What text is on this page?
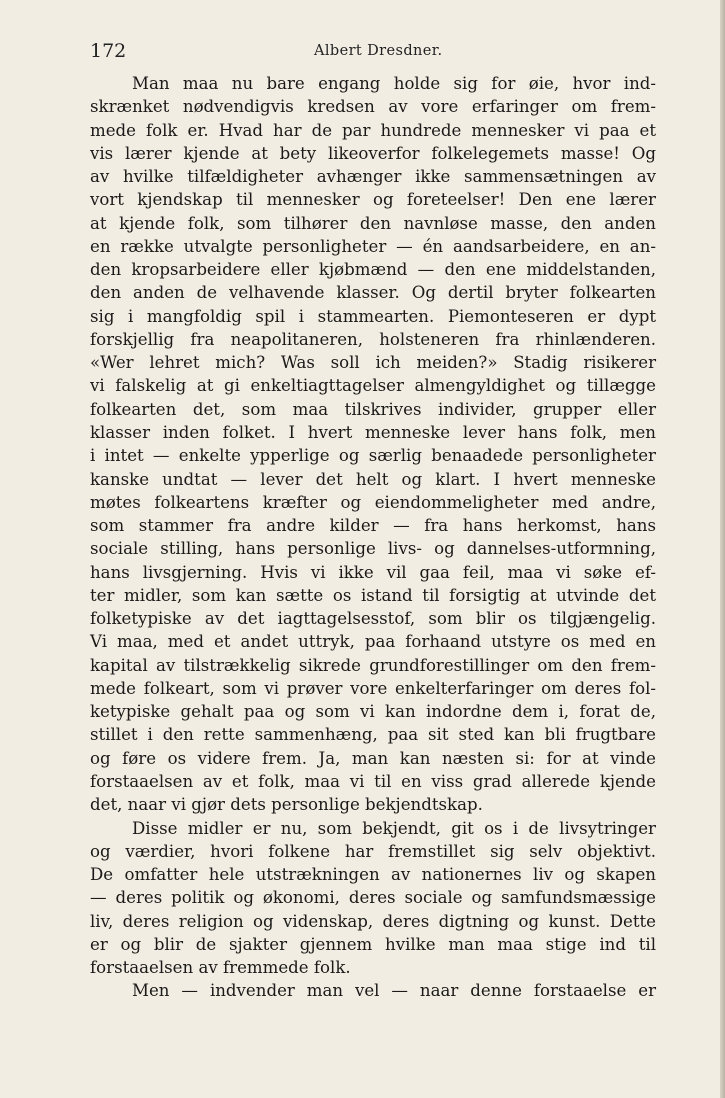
172	Albert Dresdner.
Man maa nu bare engang holde sig for øie, hvor ind-
skrænket nødvendigvis kredsen av vore erfaringer om frem-
mede folk er. Hvad har de par hundrede mennesker vi paa et
vis lærer kjende at bety likeoverfor folkelegemets masse! Og
av hvilke tilfældigheter avhænger ikke sammensætningen av
vort kjendskap til mennesker og foreteelser! Den ene lærer
at kjende folk, som tilhører den navnløse masse, den anden
en række utvalgte personligheter — én aandsarbeidere, en an-
den kropsarbeidere eller kjøbmænd — den ene middelstanden,
den anden de velhavende klasser. Og dertil bryter folkearten
sig i mangfoldig spil i stammearten. Piemonteseren er dypt
forskjellig fra neapolitaneren, holsteneren fra rhinlænderen.
«Wer lehret mich? Was soll ich meiden?» Stadig risikerer
vi falskelig at gi enkeltiagttagelser almengyldighet og tillægge
folkearten det, som maa tilskrives individer, grupper eller
klasser inden folket. I hvert menneske lever hans folk, men
i intet — enkelte ypperlige og særlig benaadede personligheter
kanske undtat — lever det helt og klart. I hvert menneske
møtes folkeartens kræfter og eiendommeligheter med andre,
som stammer fra andre kilder — fra hans herkomst, hans
sociale stilling, hans personlige livs- og dannelses-utformning,
hans livsgjerning. Hvis vi ikke vil gaa feil, maa vi søke ef-
ter midler, som kan sætte os istand til forsigtig at utvinde det
folketypiske av det iagttagelsesstof, som blir os tilgjængelig.
Vi maa, med et andet uttryk, paa forhaand utstyre os med en
kapital av tilstrækkelig sikrede grundforestillinger om den frem-
mede folkeart, som vi prøver vore enkelterfaringer om deres fol-
ketypiske gehalt paa og som vi kan indordne dem i, forat de,
stillet i den rette sammenhæng, paa sit sted kan bli frugtbare
og føre os videre frem. Ja, man kan næsten si: for at vinde
forstaaelsen av et folk, maa vi til en viss grad allerede kjende
det, naar vi gjør dets personlige bekjendtskap.
Disse midler er nu, som bekjendt, git os i de livsytringer
og værdier, hvori folkene har fremstillet sig selv objektivt.
De omfatter hele utstrækningen av nationernes liv og skapen
— deres politik og økonomi, deres sociale og samfundsmæssige
liv, deres religion og videnskap, deres digtning og kunst. Dette
er og blir de sjakter gjennem hvilke man maa stige ind til
forstaaelsen av fremmede folk.
Men — indvender man vel — naar denne forstaaelse er
